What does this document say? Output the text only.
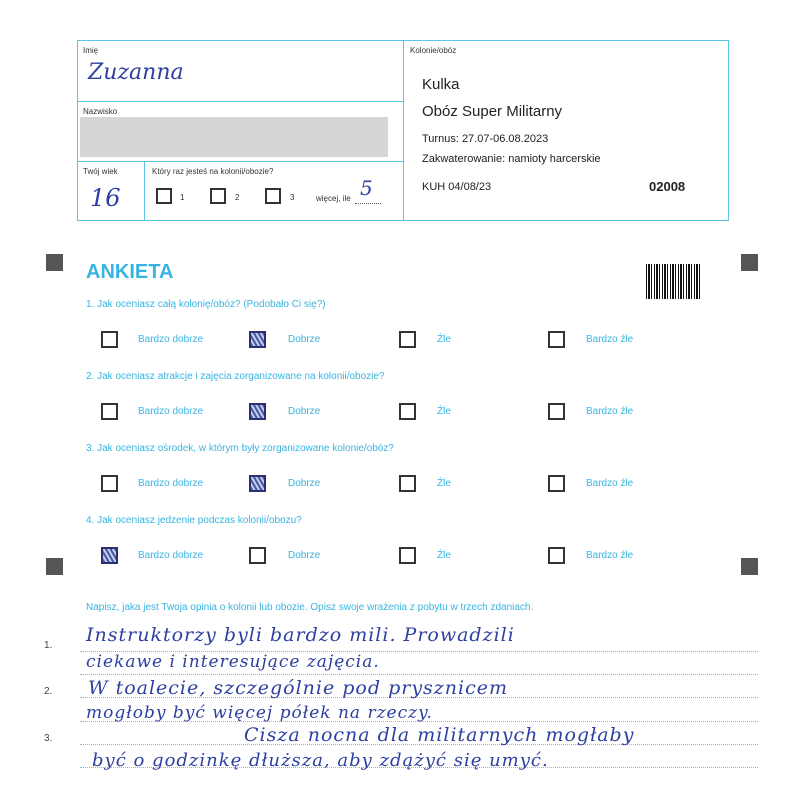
Imię
Zuzanna
Nazwisko
Twój wiek
16
Który raz jesteś na kolonii/obozie?
1	2	3	więcej, ile 5
Kolonie/obóz
Kulka
Obóz Super Militarny
Turnus: 27.07-06.08.2023
Zakwaterowanie: namioty harcerskie
KUH 04/08/23	02008
ANKIETA
1. Jak oceniasz całą kolonię/obóz? (Podobało Ci się?)
2. Jak oceniasz atrakcje i zajęcia zorganizowane na kolonii/obozie?
3. Jak oceniasz ośrodek, w którym były zorganizowane kolonie/obóz?
4. Jak oceniasz jedzenie podczas kolonii/obozu?
Bardzo dobrze	Dobrze	Źle	Bardzo źle
Bardzo dobrze	Dobrze	Źle	Bardzo źle
Bardzo dobrze	Dobrze	Źle	Bardzo źle
Bardzo dobrze	Dobrze	Źle	Bardzo źle
Napisz, jaka jest Twoja opinia o kolonii lub obozie. Opisz swoje wrażenia z pobytu w trzech zdaniach.
1.
2.
3.
Instruktorzy byli bardzo mili. Prowadzili
ciekawe i interesujące zajęcia.
W toalecie, szczególnie pod prysznicem
mogłoby być więcej półek na rzeczy.
Cisza nocna dla militarnych mogłaby
być o godzinkę dłuższa, aby zdążyć się umyć.
